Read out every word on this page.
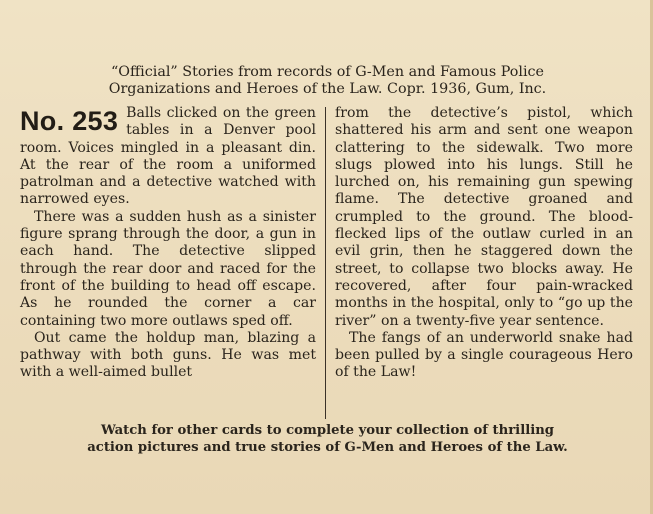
“Official” Stories from records of G-Men and Famous Police
Organizations and Heroes of the Law. Copr. 1936, Gum, Inc.
No. 253 Balls clicked on the green tables in a Denver pool room. Voices mingled in a pleasant din. At the rear of the room a uniformed patrolman and a detective watched with narrowed eyes.

There was a sudden hush as a sinister figure sprang through the door, a gun in each hand. The detective slipped through the rear door and raced for the front of the building to head off escape. As he rounded the corner a car containing two more outlaws sped off.

Out came the holdup man, blazing a pathway with both guns. He was met with a well-aimed bullet

from the detective’s pistol, which shattered his arm and sent one weapon clattering to the sidewalk. Two more slugs plowed into his lungs. Still he lurched on, his remaining gun spewing flame. The detective groaned and crumpled to the ground. The blood-flecked lips of the outlaw curled in an evil grin, then he staggered down the street, to collapse two blocks away. He recovered, after four pain-wracked months in the hospital, only to “go up the river” on a twenty-five year sentence.

The fangs of an underworld snake had been pulled by a single courageous Hero of the Law!

Watch for other cards to complete your collection of thrilling
action pictures and true stories of G-Men and Heroes of the Law.
